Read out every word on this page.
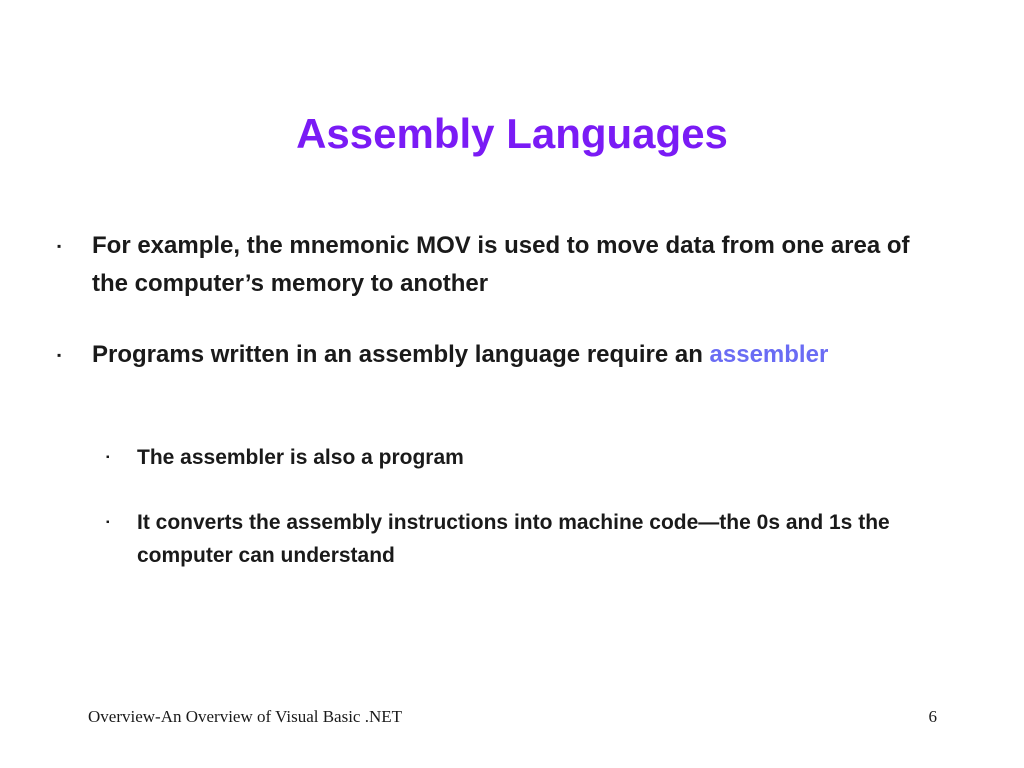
Assembly Languages
▪ For example, the mnemonic MOV is used to move data from one area of the computer’s memory to another
▪ Programs written in an assembly language require an assembler
▪ The assembler is also a program
▪ It converts the assembly instructions into machine code—the 0s and 1s the computer can understand
Overview-An Overview of Visual Basic .NET	6
